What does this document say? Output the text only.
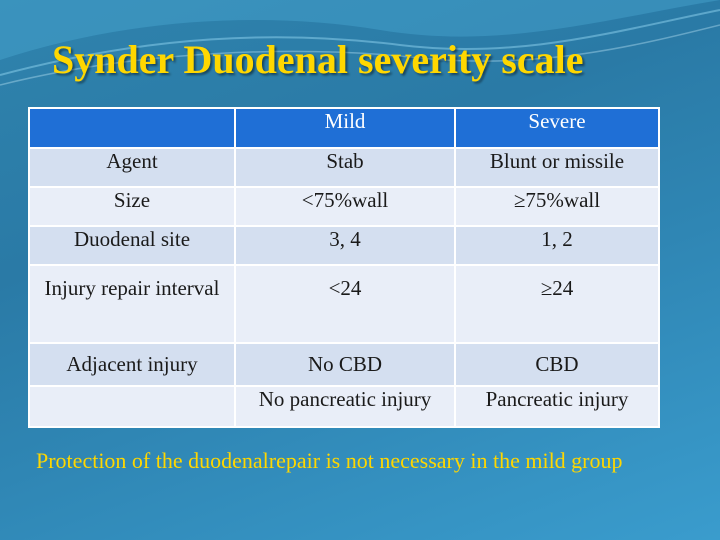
Synder Duodenal severity scale
	Mild	Severe
Agent	Stab	Blunt or missile
Size	<75%wall	≥75%wall
Duodenal site	3, 4	1, 2
Injury repair interval	<24	≥24
Adjacent injury	No CBD	CBD
	No pancreatic injury	Pancreatic injury

Protection of the duodenalrepair is not necessary in the mild group
